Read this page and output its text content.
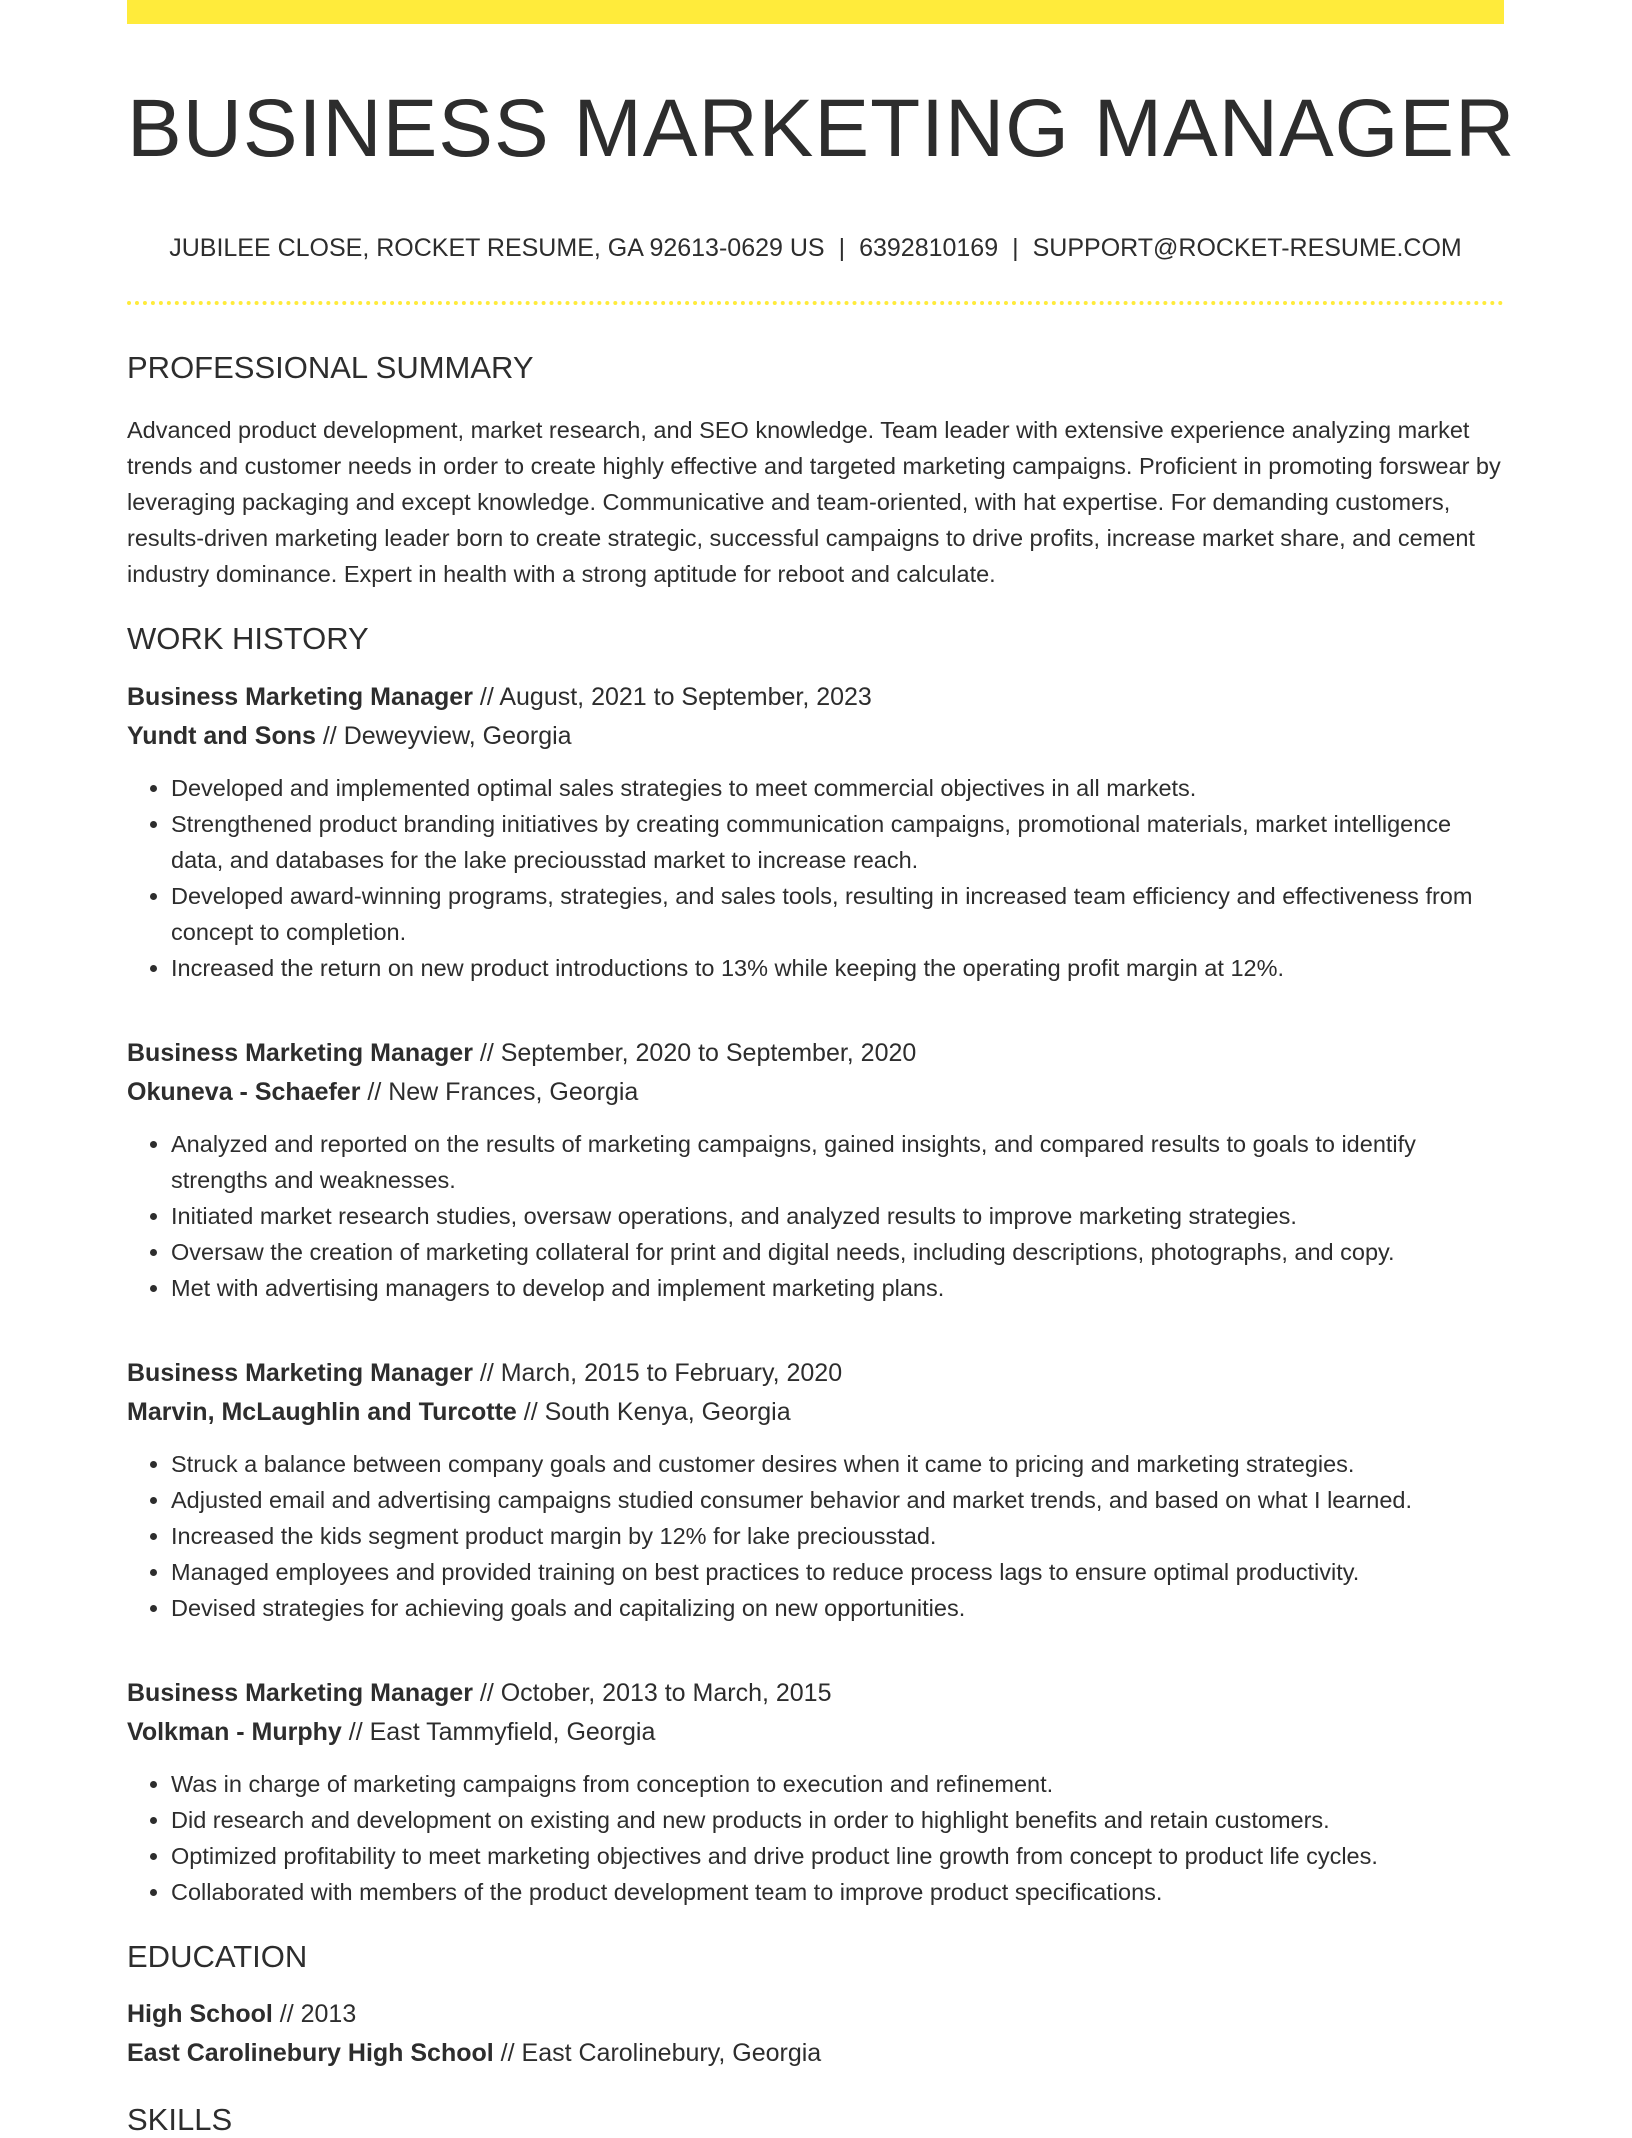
BUSINESS MARKETING MANAGER
JUBILEE CLOSE, ROCKET RESUME, GA 92613-0629 US | 6392810169 | SUPPORT@ROCKET-RESUME.COM
PROFESSIONAL SUMMARY

Advanced product development, market research, and SEO knowledge. Team leader with extensive experience analyzing market trends and customer needs in order to create highly effective and targeted marketing campaigns. Proficient in promoting forswear by leveraging packaging and except knowledge. Communicative and team-oriented, with hat expertise. For demanding customers, results-driven marketing leader born to create strategic, successful campaigns to drive profits, increase market share, and cement industry dominance. Expert in health with a strong aptitude for reboot and calculate.

WORK HISTORY
Business Marketing Manager // August, 2021 to September, 2023
Yundt and Sons // Deweyview, Georgia
• Developed and implemented optimal sales strategies to meet commercial objectives in all markets.
• Strengthened product branding initiatives by creating communication campaigns, promotional materials, market intelligence data, and databases for the lake preciousstad market to increase reach.
• Developed award-winning programs, strategies, and sales tools, resulting in increased team efficiency and effectiveness from concept to completion.
• Increased the return on new product introductions to 13% while keeping the operating profit margin at 12%.
Business Marketing Manager // September, 2020 to September, 2020
Okuneva - Schaefer // New Frances, Georgia
• Analyzed and reported on the results of marketing campaigns, gained insights, and compared results to goals to identify strengths and weaknesses.
• Initiated market research studies, oversaw operations, and analyzed results to improve marketing strategies.
• Oversaw the creation of marketing collateral for print and digital needs, including descriptions, photographs, and copy.
• Met with advertising managers to develop and implement marketing plans.
Business Marketing Manager // March, 2015 to February, 2020
Marvin, McLaughlin and Turcotte // South Kenya, Georgia
• Struck a balance between company goals and customer desires when it came to pricing and marketing strategies.
• Adjusted email and advertising campaigns studied consumer behavior and market trends, and based on what I learned.
• Increased the kids segment product margin by 12% for lake preciousstad.
• Managed employees and provided training on best practices to reduce process lags to ensure optimal productivity.
• Devised strategies for achieving goals and capitalizing on new opportunities.
Business Marketing Manager // October, 2013 to March, 2015
Volkman - Murphy // East Tammyfield, Georgia
• Was in charge of marketing campaigns from conception to execution and refinement.
• Did research and development on existing and new products in order to highlight benefits and retain customers.
• Optimized profitability to meet marketing objectives and drive product line growth from concept to product life cycles.
• Collaborated with members of the product development team to improve product specifications.
EDUCATION
High School // 2013
East Carolinebury High School // East Carolinebury, Georgia
SKILLS
